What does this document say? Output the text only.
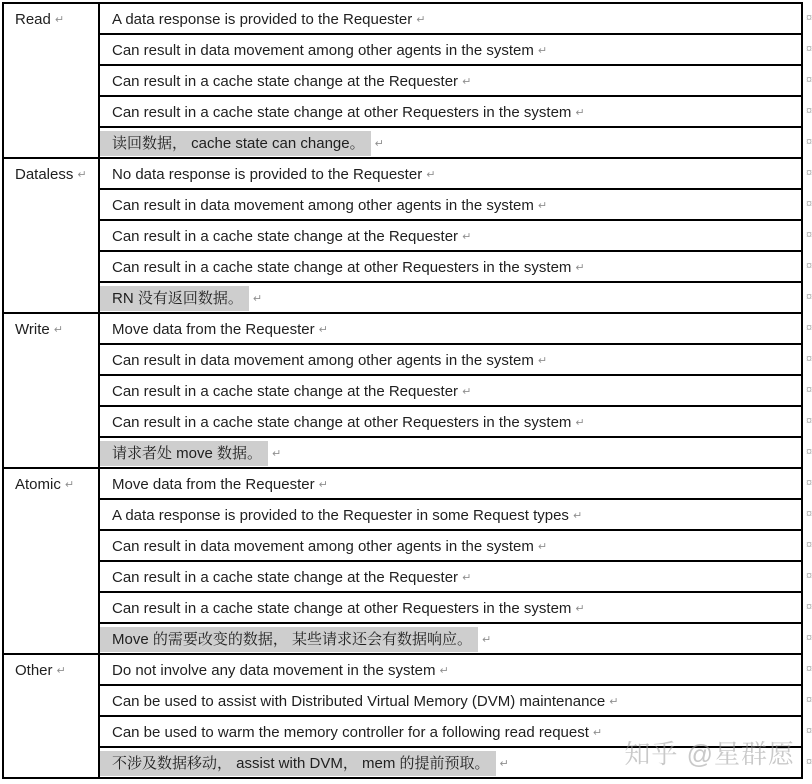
Read ↵	A data response is provided to the Requester ↵	¤
Can result in data movement among other agents in the system ↵	¤
Can result in a cache state change at the Requester ↵	¤
Can result in a cache state change at other Requesters in the system ↵	¤
读回数据， cache state can change。 ↵	¤
Dataless ↵	No data response is provided to the Requester ↵	¤
Can result in data movement among other agents in the system ↵	¤
Can result in a cache state change at the Requester ↵	¤
Can result in a cache state change at other Requesters in the system ↵	¤
RN 没有返回数据。 ↵	¤
Write ↵	Move data from the Requester ↵	¤
Can result in data movement among other agents in the system ↵	¤
Can result in a cache state change at the Requester ↵	¤
Can result in a cache state change at other Requesters in the system ↵	¤
请求者处 move 数据。 ↵	¤
Atomic ↵	Move data from the Requester ↵	¤
A data response is provided to the Requester in some Request types ↵	¤
Can result in data movement among other agents in the system ↵	¤
Can result in a cache state change at the Requester ↵	¤
Can result in a cache state change at other Requesters in the system ↵	¤
Move 的需要改变的数据， 某些请求还会有数据响应。 ↵	¤
Other ↵	Do not involve any data movement in the system ↵	¤
Can be used to assist with Distributed Virtual Memory (DVM) maintenance ↵	¤
Can be used to warm the memory controller for a following read request ↵	¤
不涉及数据移动， assist with DVM， mem 的提前预取。 ↵	¤
知乎 @星群愿
